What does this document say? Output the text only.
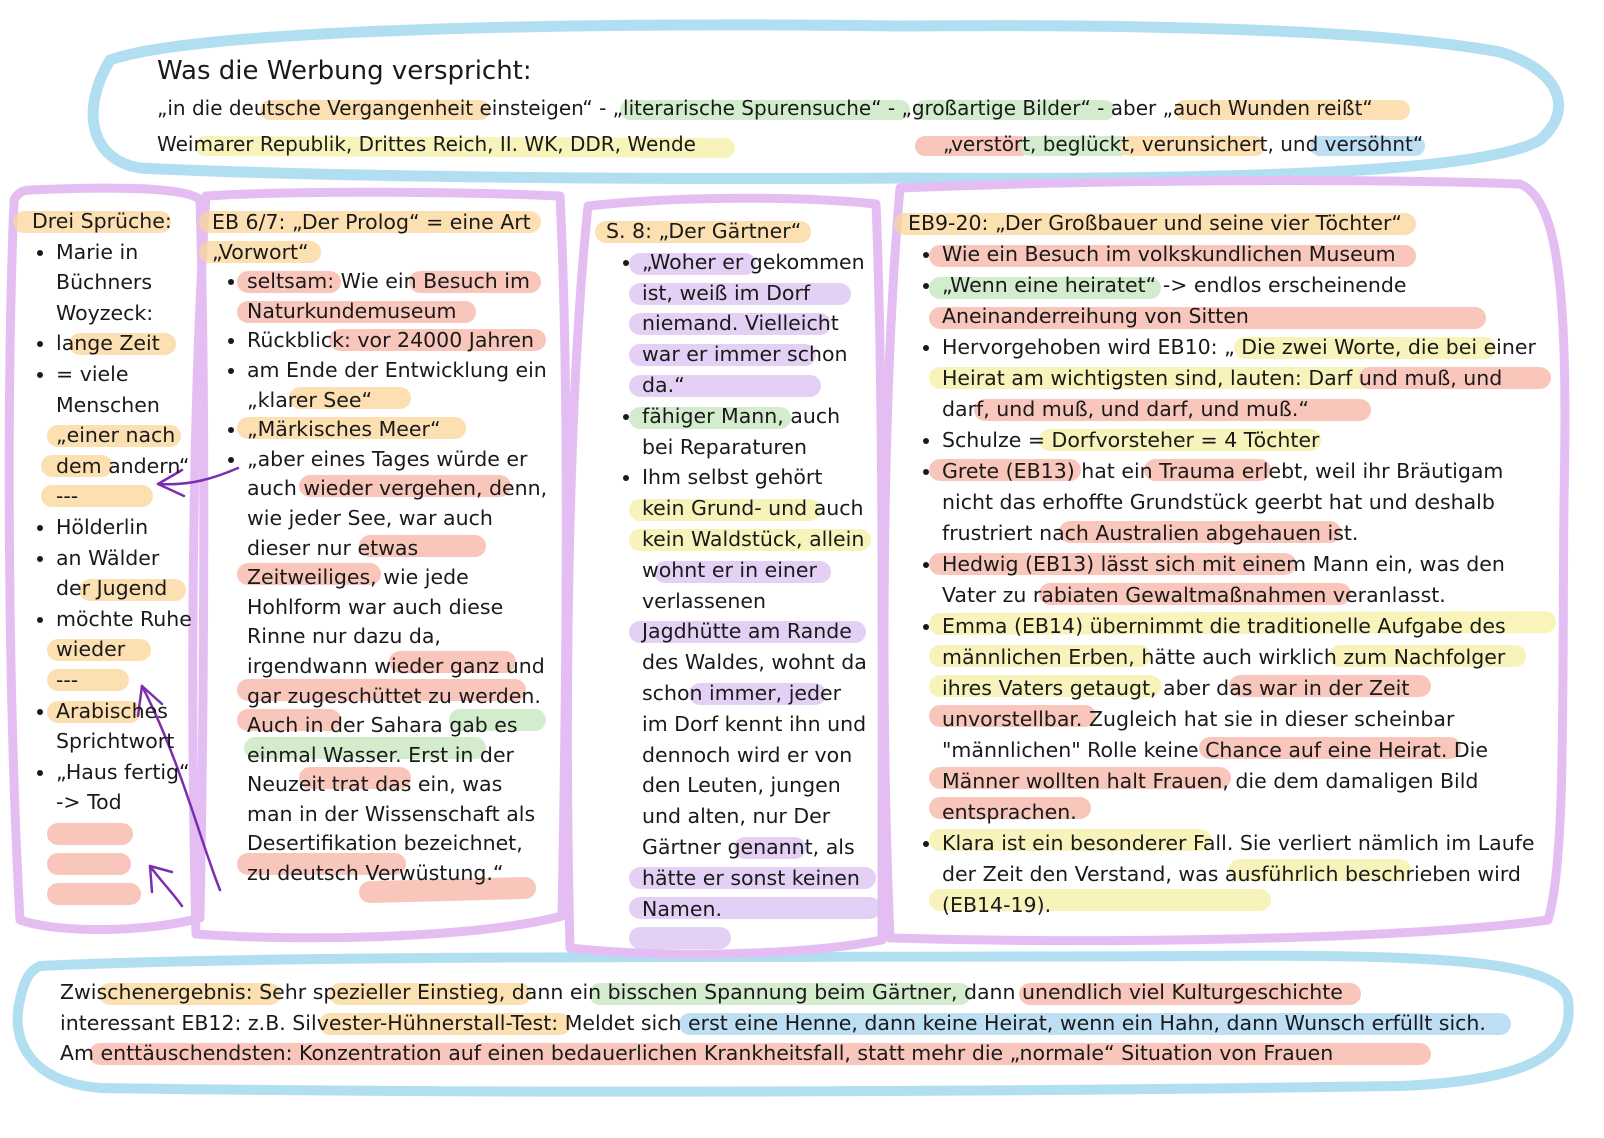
Was die Werbung verspricht:
„in die deutsche Vergangenheit einsteigen“ - „literarische Spurensuche“ - „großartige Bilder“ - aber „auch Wunden reißt“
Weimarer Republik, Drittes Reich, II. WK, DDR, Wende	„verstört, beglückt, verunsichert, und versöhnt“
Drei Sprüche:
• Marie in Büchners Woyzeck:
• lange Zeit
• = viele Menschen „einer nach dem andern“
---
• Hölderlin
• an Wälder der Jugend
• möchte Ruhe wieder
---
• Arabisches Sprichtwort
• „Haus fertig“ -> Tod
EB 6/7: „Der Prolog“ = eine Art „Vorwort“
• seltsam: Wie ein Besuch im Naturkundemuseum
• Rückblick: vor 24000 Jahren
• am Ende der Entwicklung ein „klarer See“
• „Märkisches Meer“
• „aber eines Tages würde er auch wieder vergehen, denn, wie jeder See, war auch dieser nur etwas Zeitweiliges, wie jede Hohlform war auch diese Rinne nur dazu da, irgendwann wieder ganz und gar zugeschüttet zu werden. Auch in der Sahara gab es einmal Wasser. Erst in der Neuzeit trat das ein, was man in der Wissenschaft als Desertifikation bezeichnet, zu deutsch Verwüstung.“
S. 8: „Der Gärtner“
• „Woher er gekommen ist, weiß im Dorf niemand. Vielleicht war er immer schon da.“
• fähiger Mann, auch bei Reparaturen
• Ihm selbst gehört kein Grund- und auch kein Waldstück, allein wohnt er in einer verlassenen Jagdhütte am Rande des Waldes, wohnt da schon immer, jeder im Dorf kennt ihn und dennoch wird er von den Leuten, jungen und alten, nur Der Gärtner genannt, als hätte er sonst keinen Namen.
EB9-20: „Der Großbauer und seine vier Töchter“
• Wie ein Besuch im volkskundlichen Museum
• „Wenn eine heiratet“ -> endlos erscheinende Aneinanderreihung von Sitten
• Hervorgehoben wird EB10: „ Die zwei Worte, die bei einer Heirat am wichtigsten sind, lauten: Darf und muß, und darf, und muß, und darf, und muß.“
• Schulze = Dorfvorsteher = 4 Töchter
• Grete (EB13) hat ein Trauma erlebt, weil ihr Bräutigam nicht das erhoffte Grundstück geerbt hat und deshalb frustriert nach Australien abgehauen ist.
• Hedwig (EB13) lässt sich mit einem Mann ein, was den Vater zu rabiaten Gewaltmaßnahmen veranlasst.
• Emma (EB14) übernimmt die traditionelle Aufgabe des männlichen Erben, hätte auch wirklich zum Nachfolger ihres Vaters getaugt, aber das war in der Zeit unvorstellbar. Zugleich hat sie in dieser scheinbar "männlichen" Rolle keine Chance auf eine Heirat. Die Männer wollten halt Frauen, die dem damaligen Bild entsprachen.
• Klara ist ein besonderer Fall. Sie verliert nämlich im Laufe der Zeit den Verstand, was ausführlich beschrieben wird (EB14-19).
Zwischenergebnis: Sehr spezieller Einstieg, dann ein bisschen Spannung beim Gärtner, dann unendlich viel Kulturgeschichte
interessant EB12: z.B. Silvester-Hühnerstall-Test: Meldet sich erst eine Henne, dann keine Heirat, wenn ein Hahn, dann Wunsch erfüllt sich.
Am enttäuschendsten: Konzentration auf einen bedauerlichen Krankheitsfall, statt mehr die „normale“ Situation von Frauen
